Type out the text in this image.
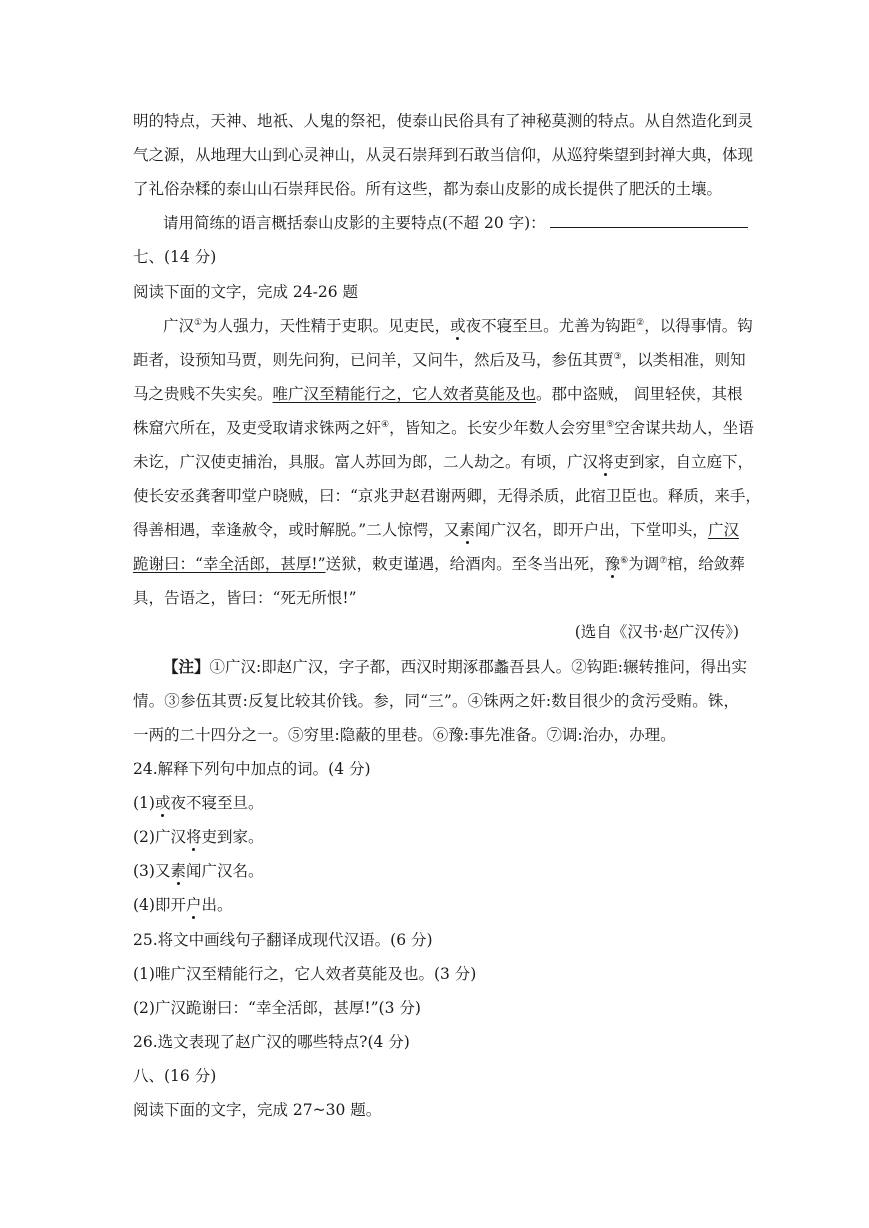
明的特点，天神、地祇、人鬼的祭祀，使泰山民俗具有了神秘莫测的特点。从自然造化到灵
气之源，从地理大山到心灵神山，从灵石崇拜到石敢当信仰，从巡狩柴望到封禅大典，体现
了礼俗杂糅的泰山山石崇拜民俗。所有这些，都为泰山皮影的成长提供了肥沃的土壤。
请用简练的语言概括泰山皮影的主要特点(不超 20 字)：
七、(14 分)
阅读下面的文字，完成 24-26 题
广汉①为人强力，天性精于吏职。见吏民，或夜不寝至旦。尤善为钩距②，以得事情。钩
距者，设预知马贾，则先问狗，已问羊，又问牛，然后及马，参伍其贾③，以类相准，则知
马之贵贱不失实矣。唯广汉至精能行之，它人效者莫能及也。郡中盗贼， 闾里轻侠，其根
株窟穴所在，及吏受取请求铢两之奸④，皆知之。长安少年数人会穷里⑤空舍谋共劫人，坐语
未讫，广汉使吏捕治，具服。富人苏回为郎，二人劫之。有顷，广汉将吏到家，自立庭下，
使长安丞龚奢叩堂户晓贼，曰：“京兆尹赵君谢两卿，无得杀质，此宿卫臣也。释质，来手，
得善相遇，幸逢赦令，或时解脱。”二人惊愕，又素闻广汉名，即开户出，下堂叩头，广汉
跪谢曰：“幸全活郎，甚厚!”送狱，敕吏谨遇，给酒肉。至冬当出死，豫⑥为调⑦棺，给敛葬
具，告语之，皆曰：“死无所恨!”
(选自《汉书·赵广汉传》)
【注】①广汉:即赵广汉，字子都，西汉时期涿郡蠡吾县人。②钩距:辗转推问，得出实
情。③参伍其贾:反复比较其价钱。参，同“三”。④铢两之奸:数目很少的贪污受贿。铢，
一两的二十四分之一。⑤穷里:隐蔽的里巷。⑥豫:事先准备。⑦调:治办，办理。
24.解释下列句中加点的词。(4 分)
(1)或夜不寝至旦。
(2)广汉将吏到家。
(3)又素闻广汉名。
(4)即开户出。
25.将文中画线句子翻译成现代汉语。(6 分)
(1)唯广汉至精能行之，它人效者莫能及也。(3 分)
(2)广汉跪谢曰：“幸全活郎，甚厚!”(3 分)
26.选文表现了赵广汉的哪些特点?(4 分)
八、(16 分)
阅读下面的文字，完成 27~30 题。
